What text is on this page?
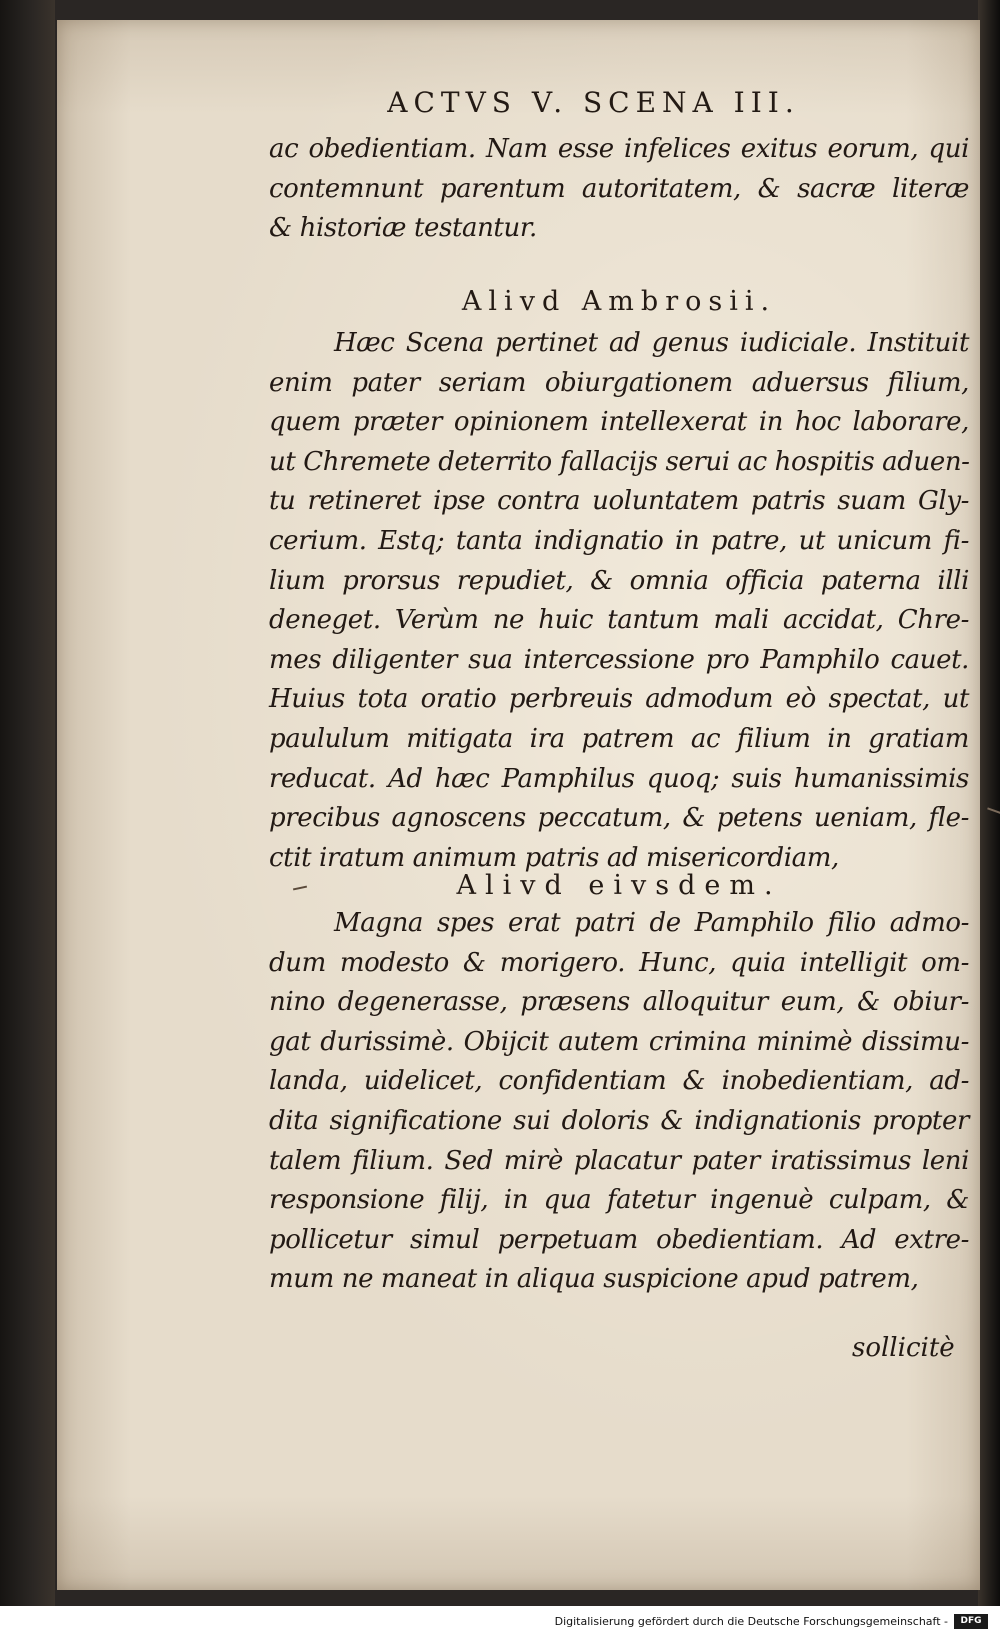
ACTVS V. SCENA III.
ac obedientiam. Nam esse infelices exitus eorum, qui
contemnunt parentum autoritatem, & sacræ literæ
& historiæ testantur.
Alivd Ambrosii.
Hæc Scena pertinet ad genus iudiciale. Instituit
enim pater seriam obiurgationem aduersus filium,
quem præter opinionem intellexerat in hoc laborare,
ut Chremete deterrito fallacijs serui ac hospitis aduen-
tu retineret ipse contra uoluntatem patris suam Gly-
cerium. Estq; tanta indignatio in patre, ut unicum fi-
lium prorsus repudiet, & omnia officia paterna illi
deneget. Verùm ne huic tantum mali accidat, Chre-
mes diligenter sua intercessione pro Pamphilo cauet.
Huius tota oratio perbreuis admodum eò spectat, ut
paululum mitigata ira patrem ac filium in gratiam
reducat. Ad hæc Pamphilus quoq; suis humanissimis
precibus agnoscens peccatum, & petens ueniam, fle-
ctit iratum animum patris ad misericordiam,
Alivd eivsdem.
Magna spes erat patri de Pamphilo filio admo-
dum modesto & morigero. Hunc, quia intelligit om-
nino degenerasse, præsens alloquitur eum, & obiur-
gat durissimè. Obijcit autem crimina minimè dissimu-
landa, uidelicet, confidentiam & inobedientiam, ad-
dita significatione sui doloris & indignationis propter
talem filium. Sed mirè placatur pater iratissimus leni
responsione filij, in qua fatetur ingenuè culpam, &
pollicetur simul perpetuam obedientiam. Ad extre-
mum ne maneat in aliqua suspicione apud patrem,
sollicitè
Digitalisierung gefördert durch die Deutsche Forschungsgemeinschaft -	DFG
